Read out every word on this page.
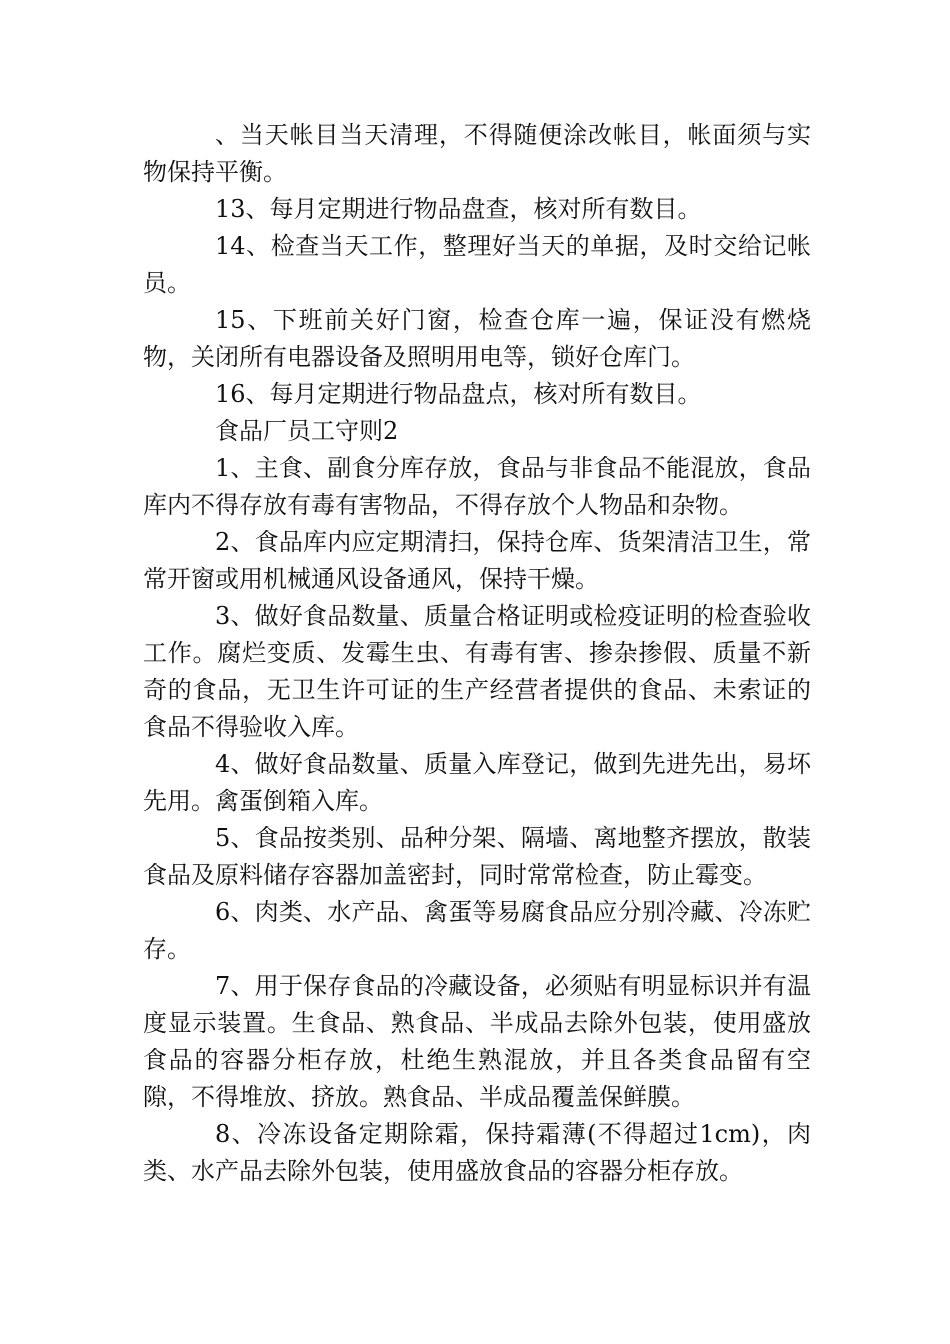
、当天帐目当天清理，不得随便涂改帐目，帐面须与实物保持平衡。

13、每月定期进行物品盘查，核对所有数目。

14、检查当天工作，整理好当天的单据，及时交给记帐员。

15、下班前关好门窗，检查仓库一遍，保证没有燃烧物，关闭所有电器设备及照明用电等，锁好仓库门。

16、每月定期进行物品盘点，核对所有数目。

食品厂员工守则2

1、主食、副食分库存放，食品与非食品不能混放，食品库内不得存放有毒有害物品，不得存放个人物品和杂物。

2、食品库内应定期清扫，保持仓库、货架清洁卫生，常常开窗或用机械通风设备通风，保持干燥。

3、做好食品数量、质量合格证明或检疫证明的检查验收工作。腐烂变质、发霉生虫、有毒有害、掺杂掺假、质量不新奇的食品，无卫生许可证的生产经营者提供的食品、未索证的食品不得验收入库。

4、做好食品数量、质量入库登记，做到先进先出，易坏先用。禽蛋倒箱入库。

5、食品按类别、品种分架、隔墙、离地整齐摆放，散装食品及原料储存容器加盖密封，同时常常检查，防止霉变。

6、肉类、水产品、禽蛋等易腐食品应分别冷藏、冷冻贮存。

7、用于保存食品的冷藏设备，必须贴有明显标识并有温度显示装置。生食品、熟食品、半成品去除外包装，使用盛放食品的容器分柜存放，杜绝生熟混放，并且各类食品留有空隙，不得堆放、挤放。熟食品、半成品覆盖保鲜膜。

8、冷冻设备定期除霜，保持霜薄(不得超过1cm)，肉类、水产品去除外包装，使用盛放食品的容器分柜存放。
